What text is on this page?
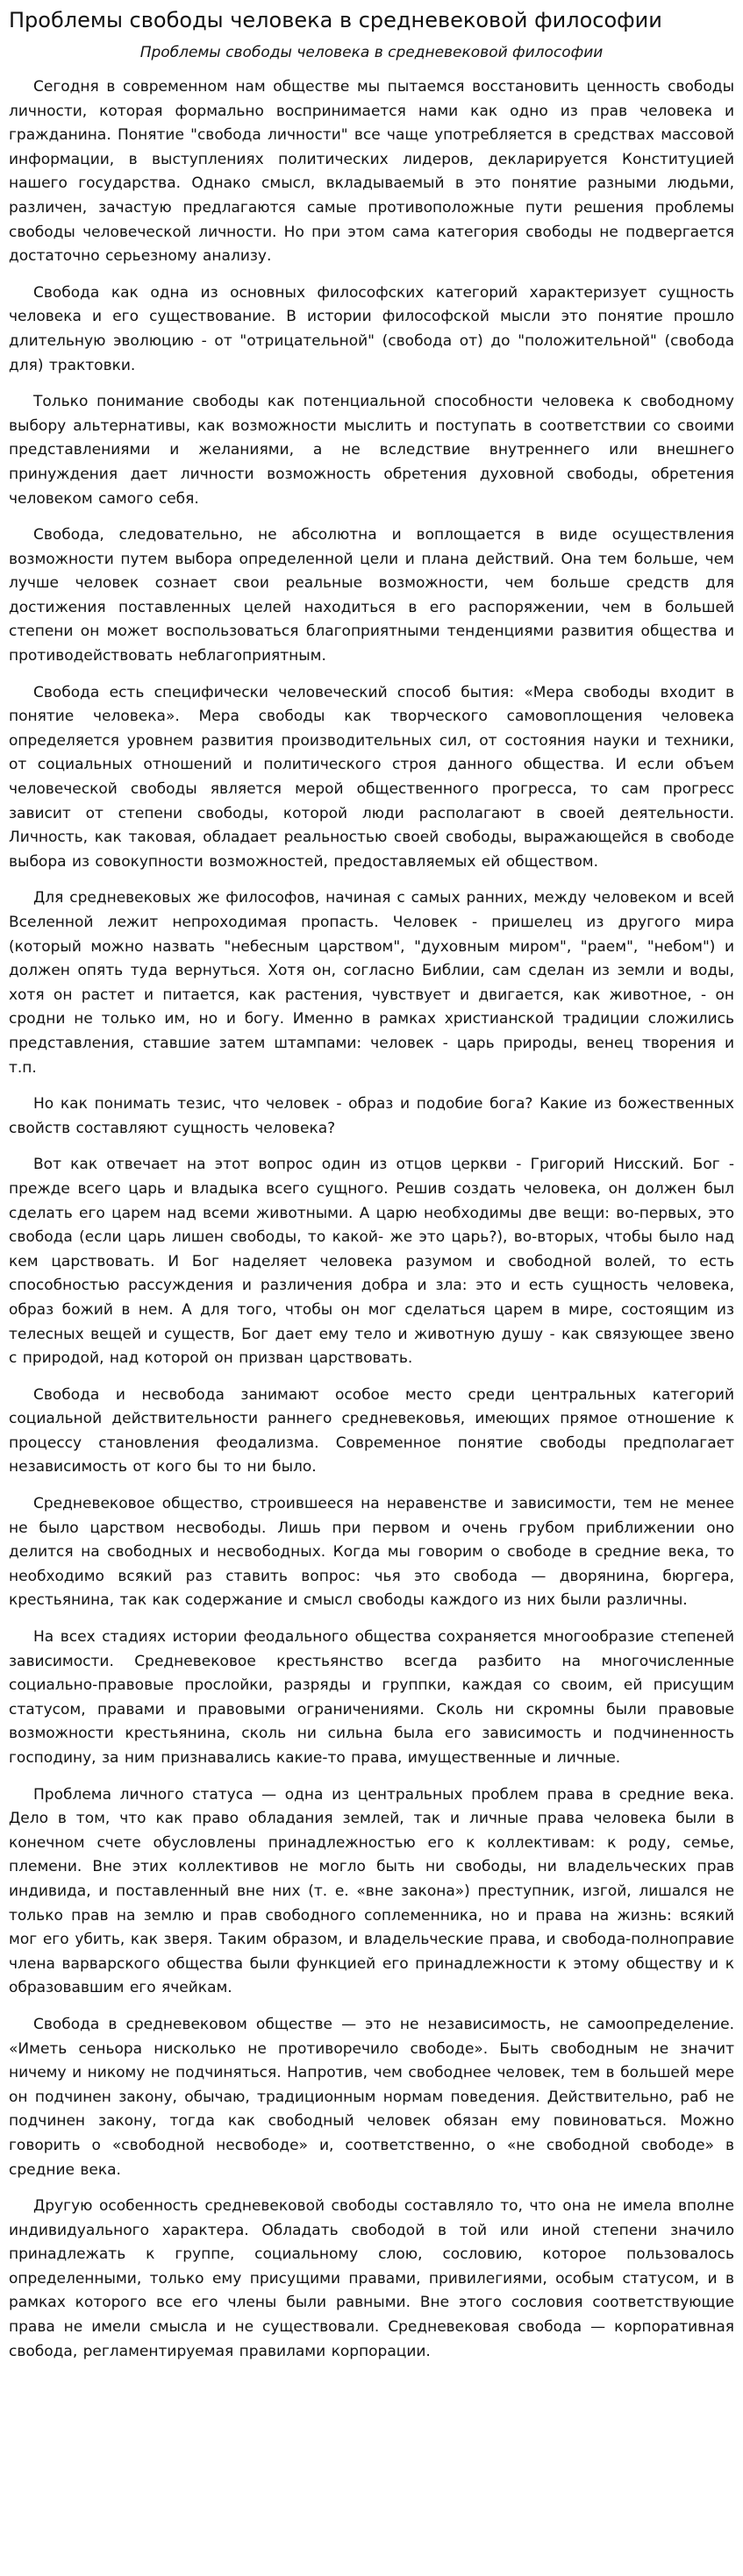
Проблемы свободы человека в средневековой философии
Проблемы свободы человека в средневековой философии

Сегодня в современном нам обществе мы пытаемся восстановить ценность свободы личности, которая формально воспринимается нами как одно из прав человека и гражданина. Понятие "свобода личности" все чаще употребляется в средствах массовой информации, в выступлениях политических лидеров, декларируется Конституцией нашего государства. Однако смысл, вкладываемый в это понятие разными людьми, различен, зачастую предлагаются самые противоположные пути решения проблемы свободы человеческой личности. Но при этом сама категория свободы не подвергается достаточно серьезному анализу.

Свобода как одна из основных философских категорий характеризует сущность человека и его существование. В истории философской мысли это понятие прошло длительную эволюцию - от "отрицательной" (свобода от) до "положительной" (свобода для) трактовки.

Только понимание свободы как потенциальной способности человека к свободному выбору альтернативы, как возможности мыслить и поступать в соответствии со своими представлениями и желаниями, а не вследствие внутреннего или внешнего принуждения дает личности возможность обретения духовной свободы, обретения человеком самого себя.

Свобода, следовательно, не абсолютна и воплощается в виде осуществления возможности путем выбора определенной цели и плана действий. Она тем больше, чем лучше человек сознает свои реальные возможности, чем больше средств для достижения поставленных целей находиться в его распоряжении, чем в большей степени он может воспользоваться благоприятными тенденциями развития общества и противодействовать неблагоприятным.

Свобода есть специфически человеческий способ бытия: «Мера свободы входит в понятие человека». Мера свободы как творческого самовоплощения человека определяется уровнем развития производительных сил, от состояния науки и техники, от социальных отношений и политического строя данного общества. И если объем человеческой свободы является мерой общественного прогресса, то сам прогресс зависит от степени свободы, которой люди располагают в своей деятельности. Личность, как таковая, обладает реальностью своей свободы, выражающейся в свободе выбора из совокупности возможностей, предоставляемых ей обществом.

Для средневековых же философов, начиная с самых ранних, между человеком и всей Вселенной лежит непроходимая пропасть. Человек - пришелец из другого мира (который можно назвать "небесным царством", "духовным миром", "раем", "небом") и должен опять туда вернуться. Хотя он, согласно Библии, сам сделан из земли и воды, хотя он растет и питается, как растения, чувствует и двигается, как животное, - он сродни не только им, но и богу. Именно в рамках христианской традиции сложились представления, ставшие затем штампами: человек - царь природы, венец творения и т.п.

Но как понимать тезис, что человек - образ и подобие бога? Какие из божественных свойств составляют сущность человека?

Вот как отвечает на этот вопрос один из отцов церкви - Григорий Нисский. Бог - прежде всего царь и владыка всего сущного. Решив создать человека, он должен был сделать его царем над всеми животными. А царю необходимы две вещи: во-первых, это свобода (если царь лишен свободы, то какой- же это царь?), во-вторых, чтобы было над кем царствовать. И Бог наделяет человека разумом и свободной волей, то есть способностью рассуждения и различения добра и зла: это и есть сущность человека, образ божий в нем. А для того, чтобы он мог сделаться царем в мире, состоящим из телесных вещей и существ, Бог дает ему тело и животную душу - как связующее звено с природой, над которой он призван царствовать.

Свобода и несвобода занимают особое место среди центральных категорий социальной действительности раннего средневековья, имеющих прямое отношение к процессу становления феодализма. Современное понятие свободы предполагает независимость от кого бы то ни было.

Средневековое общество, строившееся на неравенстве и зависимости, тем не менее не было царством несвободы. Лишь при первом и очень грубом приближении оно делится на свободных и несвободных. Когда мы говорим о свободе в средние века, то необходимо всякий раз ставить вопрос: чья это свобода — дворянина, бюргера, крестьянина, так как содержание и смысл свободы каждого из них были различны.

На всех стадиях истории феодального общества сохраняется многообразие степеней зависимости. Средневековое крестьянство всегда разбито на многочисленные социально-правовые прослойки, разряды и группки, каждая со своим, ей присущим статусом, правами и правовыми ограничениями. Сколь ни скромны были правовые возможности крестьянина, сколь ни сильна была его зависимость и подчиненность господину, за ним признавались какие-то права, имущественные и личные.

Проблема личного статуса — одна из центральных проблем права в средние века. Дело в том, что как право обладания землей, так и личные права человека были в конечном счете обусловлены принадлежностью его к коллективам: к роду, семье, племени. Вне этих коллективов не могло быть ни свободы, ни владельческих прав индивида, и поставленный вне них (т. е. «вне закона») преступник, изгой, лишался не только прав на землю и прав свободного соплеменника, но и права на жизнь: всякий мог его убить, как зверя. Таким образом, и владельческие права, и свобода-полноправие члена варварского общества были функцией его принадлежности к этому обществу и к образовавшим его ячейкам.

Свобода в средневековом обществе — это не независимость, не самоопределение. «Иметь сеньора нисколько не противоречило свободе». Быть свободным не значит ничему и никому не подчиняться. Напротив, чем свободнее человек, тем в большей мере он подчинен закону, обычаю, традиционным нормам поведения. Действительно, раб не подчинен закону, тогда как свободный человек обязан ему повиноваться. Можно говорить о «свободной несвободе» и, соответственно, о «не свободной свободе» в средние века.

Другую особенность средневековой свободы составляло то, что она не имела вполне индивидуального характера. Обладать свободой в той или иной степени значило принадлежать к группе, социальному слою, сословию, которое пользовалось определенными, только ему присущими правами, привилегиями, особым статусом, и в рамках которого все его члены были равными. Вне этого сословия соответствующие права не имели смысла и не существовали. Средневековая свобода — корпоративная свобода, регламентируемая правилами корпорации.
